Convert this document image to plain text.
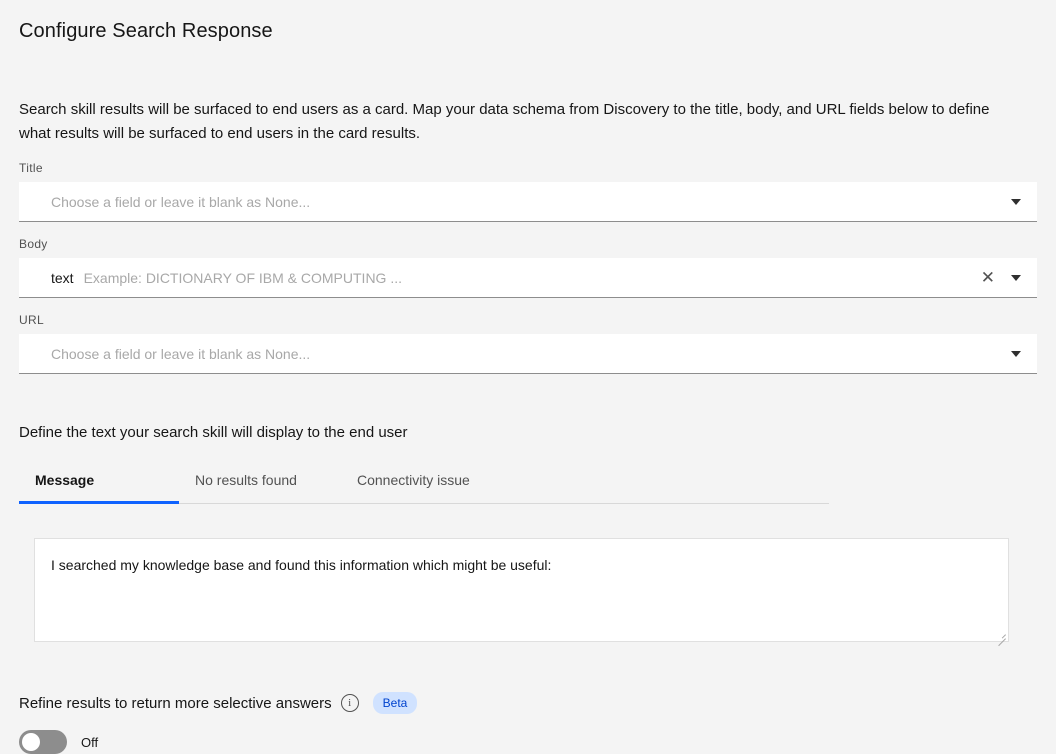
Configure Search Response

Search skill results will be surfaced to end users as a card. Map your data schema from Discovery to the title, body, and URL fields below to define what results will be surfaced to end users in the card results.

Title
Choose a field or leave it blank as None...
Body
text Example: DICTIONARY OF IBM & COMPUTING ...	✕
URL
Choose a field or leave it blank as None...
Define the text your search skill will display to the end user
Message	No results found	Connectivity issue
I searched my knowledge base and found this information which might be useful:
Refine results to return more selective answers	i	Beta
Off
